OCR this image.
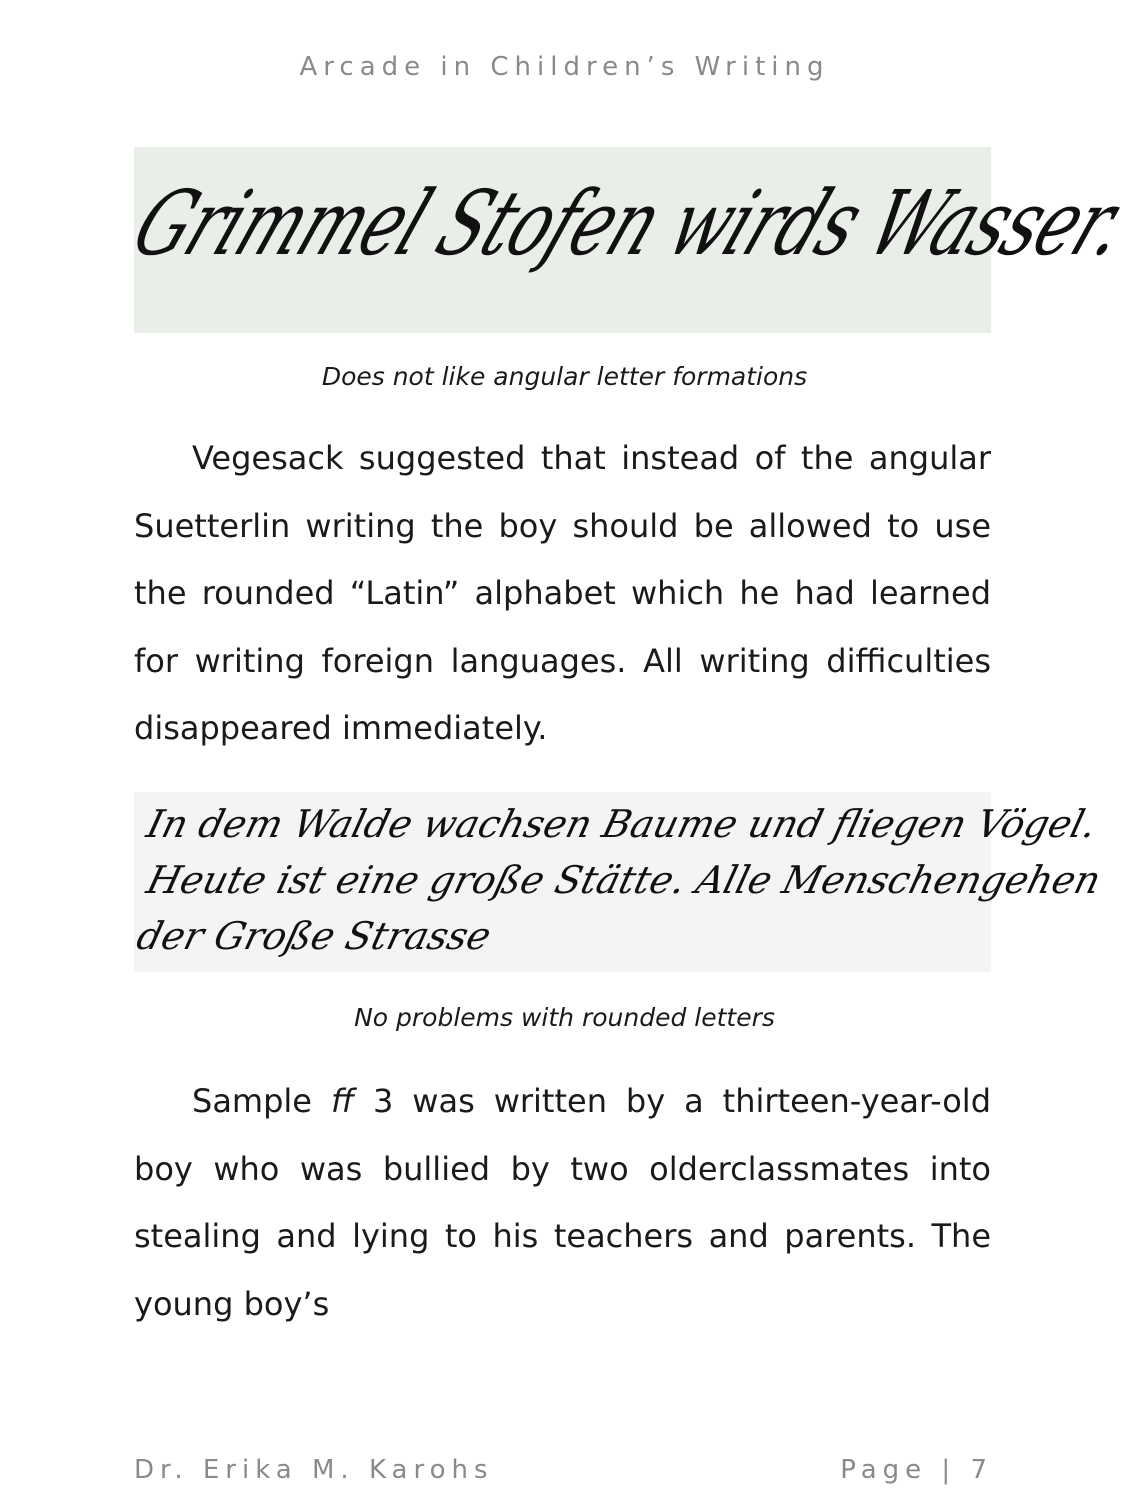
Arcade in Children’s Writing
Grimmel Stofen wirds Wasser.
Does not like angular letter formations

Vegesack suggested that instead of the angular Suetterlin writing the boy should be allowed to use the rounded “Latin” alphabet which he had learned for writing foreign languages. All writing difficulties disappeared immediately.

In dem Walde wachsen Baume und fliegen Vögel.
Heute ist eine große Stätte. Alle Menschengehen
der Große Strasse
No problems with rounded letters

Sample ff 3 was written by a thirteen-year-old boy who was bullied by two olderclassmates into stealing and lying to his teachers and parents. The young boy’s

Dr. Erika M. Karohs	Page | 7
